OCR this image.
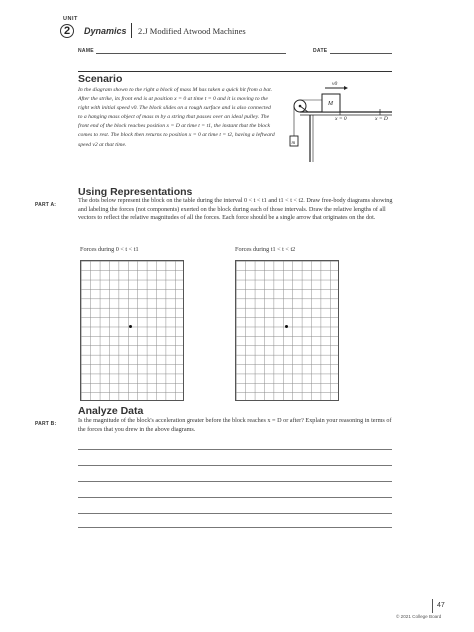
UNIT
2	Dynamics 2.J Modified Atwood Machines
NAME	DATE
Scenario

In the diagram shown to the right a block of mass M has taken a quick hit from a bat. After the strike, its front end is at position x = 0 at time t = 0 and it is moving to the right with initial speed v0. The block slides on a rough surface and is also connected to a hanging mass object of mass m by a string that passes over an ideal pulley. The front end of the block reaches position x = D at time t = t1, the instant that the block comes to rest. The block then returns to position x = 0 at time t = t2, having a leftward speed v2 at that time.	m
M
v0
x = 0	x = D
Using Representations
PART A:

The dots below represent the block on the table during the interval 0 < t < t1 and t1 < t < t2. Draw free-body diagrams showing and labeling the forces (not components) exerted on the block during each of those intervals. Draw the relative lengths of all vectors to reflect the relative magnitudes of all the forces. Each force should be a single arrow that originates on the dot.

Forces during 0 < t < t1	Forces during t1 < t < t2
Analyze Data
PART B:	Is the magnitude of the block's acceleration greater before the block reaches x = D or after? Explain your reasoning in terms of the forces that you drew in the above diagrams.

47
© 2021 College Board
